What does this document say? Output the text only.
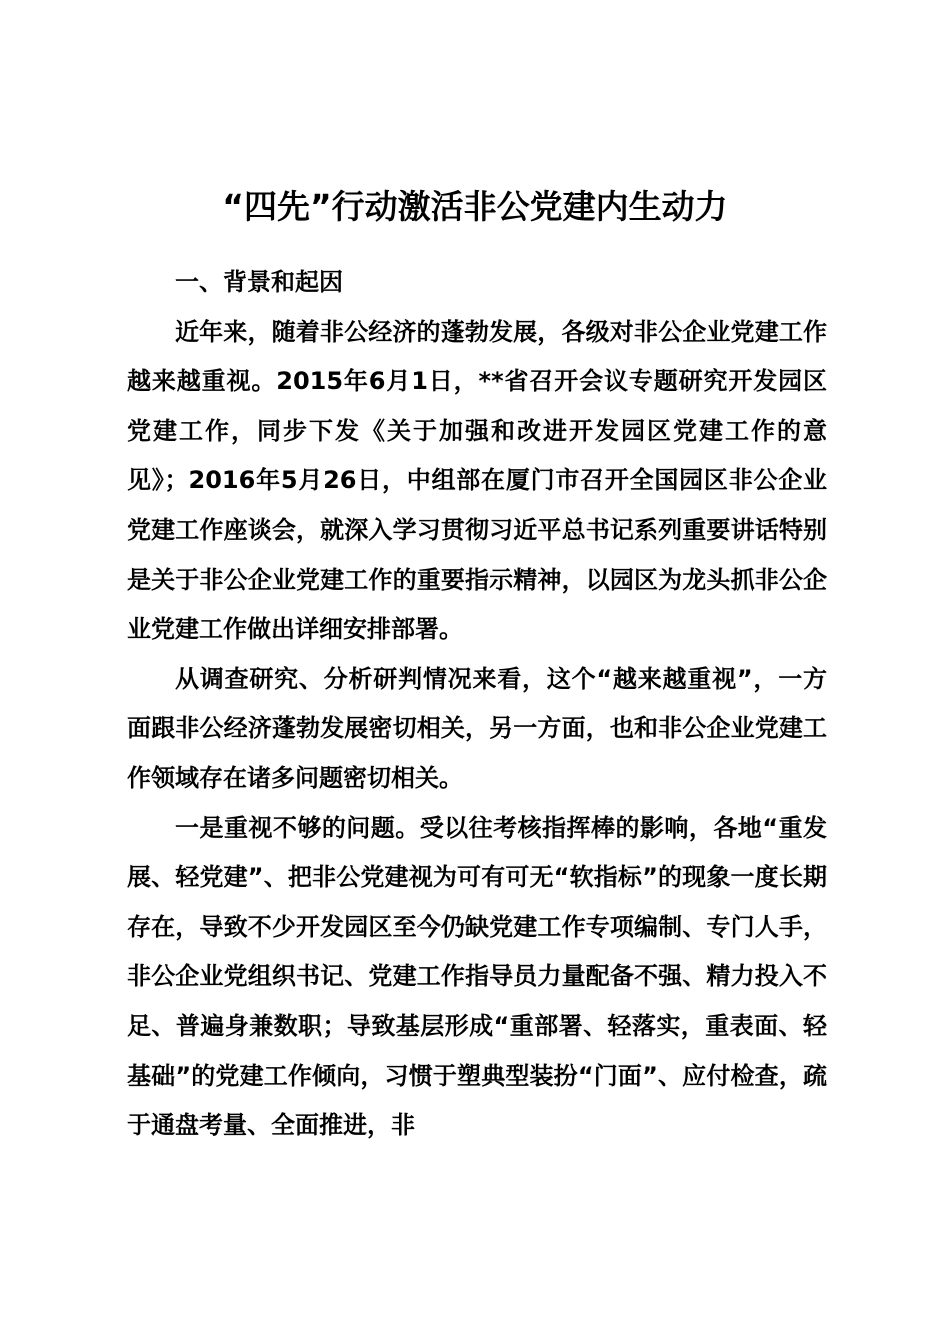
“四先”行动激活非公党建内生动力

一、背景和起因

近年来，随着非公经济的蓬勃发展，各级对非公企业党建工作越来越重视。2015年6月1日，**省召开会议专题研究开发园区党建工作，同步下发《关于加强和改进开发园区党建工作的意见》；2016年5月26日，中组部在厦门市召开全国园区非公企业党建工作座谈会，就深入学习贯彻习近平总书记系列重要讲话特别是关于非公企业党建工作的重要指示精神，以园区为龙头抓非公企业党建工作做出详细安排部署。

从调查研究、分析研判情况来看，这个“越来越重视”，一方面跟非公经济蓬勃发展密切相关，另一方面，也和非公企业党建工作领域存在诸多问题密切相关。

一是重视不够的问题。受以往考核指挥棒的影响，各地“重发展、轻党建”、把非公党建视为可有可无“软指标”的现象一度长期存在，导致不少开发园区至今仍缺党建工作专项编制、专门人手，非公企业党组织书记、党建工作指导员力量配备不强、精力投入不足、普遍身兼数职；导致基层形成“重部署、轻落实，重表面、轻基础”的党建工作倾向，习惯于塑典型装扮“门面”、应付检查，疏于通盘考量、全面推进，非
